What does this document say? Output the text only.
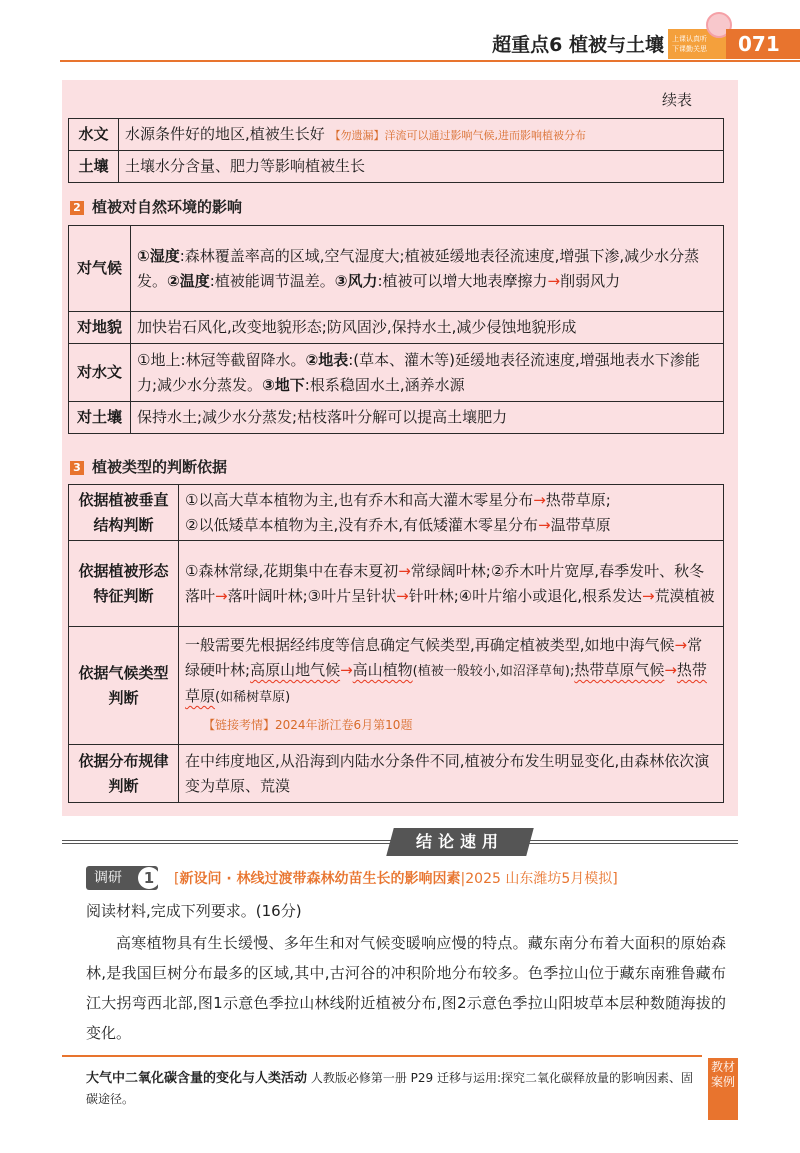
超重点6 植被与土壤 上课认真听
下课勤关思	071
续表
水文	水源条件好的地区,植被生长好 【勿遗漏】洋流可以通过影响气候,进而影响植被分布
土壤	土壤水分含量、肥力等影响植被生长
2 植被对自然环境的影响
对气候	①湿度:森林覆盖率高的区域,空气湿度大;植被延缓地表径流速度,增强下渗,减少水分蒸发。②温度:植被能调节温差。③风力:植被可以增大地表摩擦力→削弱风力
对地貌	加快岩石风化,改变地貌形态;防风固沙,保持水土,减少侵蚀地貌形成
对水文	①地上:林冠等截留降水。②地表:(草本、灌木等)延缓地表径流速度,增强地表水下渗能力;减少水分蒸发。③地下:根系稳固水土,涵养水源
对土壤	保持水土;减少水分蒸发;枯枝落叶分解可以提高土壤肥力
3 植被类型的判断依据
依据植被垂直结构判断	①以高大草本植物为主,也有乔木和高大灌木零星分布→热带草原;
②以低矮草本植物为主,没有乔木,有低矮灌木零星分布→温带草原

依据植被形态特征判断	①森林常绿,花期集中在春末夏初→常绿阔叶林;②乔木叶片宽厚,春季发叶、秋冬落叶→落叶阔叶林;③叶片呈针状→针叶林;④叶片缩小或退化,根系发达→荒漠植被
依据气候类型判断	一般需要先根据经纬度等信息确定气候类型,再确定植被类型,如地中海气候→常绿硬叶林;高原山地气候→高山植物(植被一般较小,如沼泽草甸);热带草原气候→热带草原(如稀树草原)
【链接考情】2024年浙江卷6月第10题

依据分布规律判断	在中纬度地区,从沿海到内陆水分条件不同,植被分布发生明显变化,由森林依次演变为草原、荒漠
结论速用
调研	1	[新设问 · 林线过渡带森林幼苗生长的影响因素|2025 山东潍坊5月模拟]
阅读材料,完成下列要求。(16分)
高寒植物具有生长缓慢、多年生和对气候变暖响应慢的特点。藏东南分布着大面积的原始森林,是我国巨树分布最多的区域,其中,古河谷的冲积阶地分布较多。色季拉山位于藏东南雅鲁藏布江大拐弯西北部,图1示意色季拉山林线附近植被分布,图2示意色季拉山阳坡草本层种数随海拔的变化。
大气中二氧化碳含量的变化与人类活动 人教版必修第一册 P29 迁移与运用:探究二氧化碳释放量的影响因素、固碳途径。
教材案例
